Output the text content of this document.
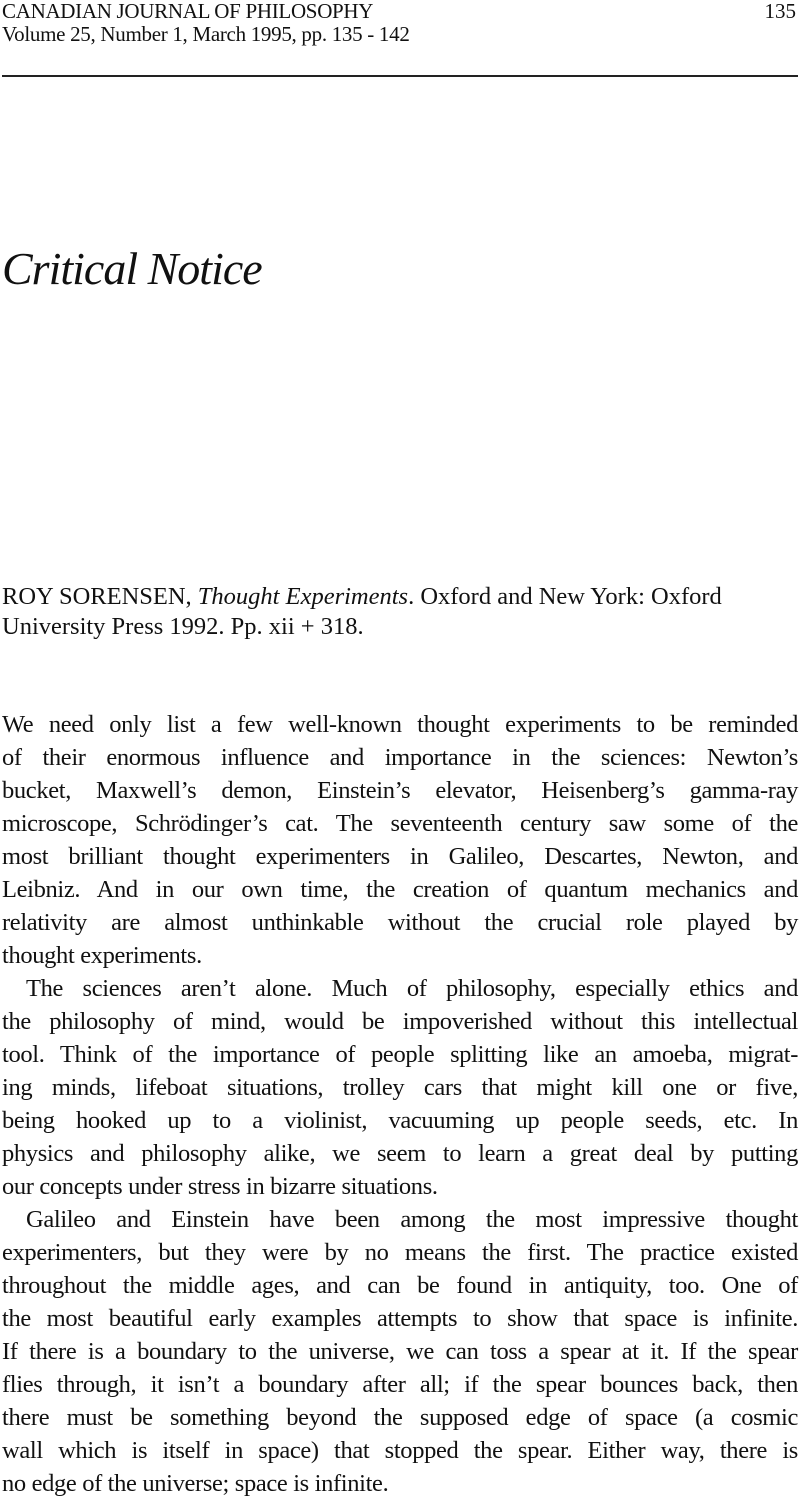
CANADIAN JOURNAL OF PHILOSOPHY	135
Volume 25, Number 1, March 1995, pp. 135 - 142
Critical Notice
ROY SORENSEN, Thought Experiments. Oxford and New York: Oxford
University Press 1992. Pp. xii + 318.
We need only list a few well-known thought experiments to be reminded
of their enormous influence and importance in the sciences: Newton’s
bucket, Maxwell’s demon, Einstein’s elevator, Heisenberg’s gamma-ray
microscope, Schrödinger’s cat. The seventeenth century saw some of the
most brilliant thought experimenters in Galileo, Descartes, Newton, and
Leibniz. And in our own time, the creation of quantum mechanics and
relativity are almost unthinkable without the crucial role played by
thought experiments.
The sciences aren’t alone. Much of philosophy, especially ethics and
the philosophy of mind, would be impoverished without this intellectual
tool. Think of the importance of people splitting like an amoeba, migrat-
ing minds, lifeboat situations, trolley cars that might kill one or five,
being hooked up to a violinist, vacuuming up people seeds, etc. In
physics and philosophy alike, we seem to learn a great deal by putting
our concepts under stress in bizarre situations.
Galileo and Einstein have been among the most impressive thought
experimenters, but they were by no means the first. The practice existed
throughout the middle ages, and can be found in antiquity, too. One of
the most beautiful early examples attempts to show that space is infinite.
If there is a boundary to the universe, we can toss a spear at it. If the spear
flies through, it isn’t a boundary after all; if the spear bounces back, then
there must be something beyond the supposed edge of space (a cosmic
wall which is itself in space) that stopped the spear. Either way, there is
no edge of the universe; space is infinite.
